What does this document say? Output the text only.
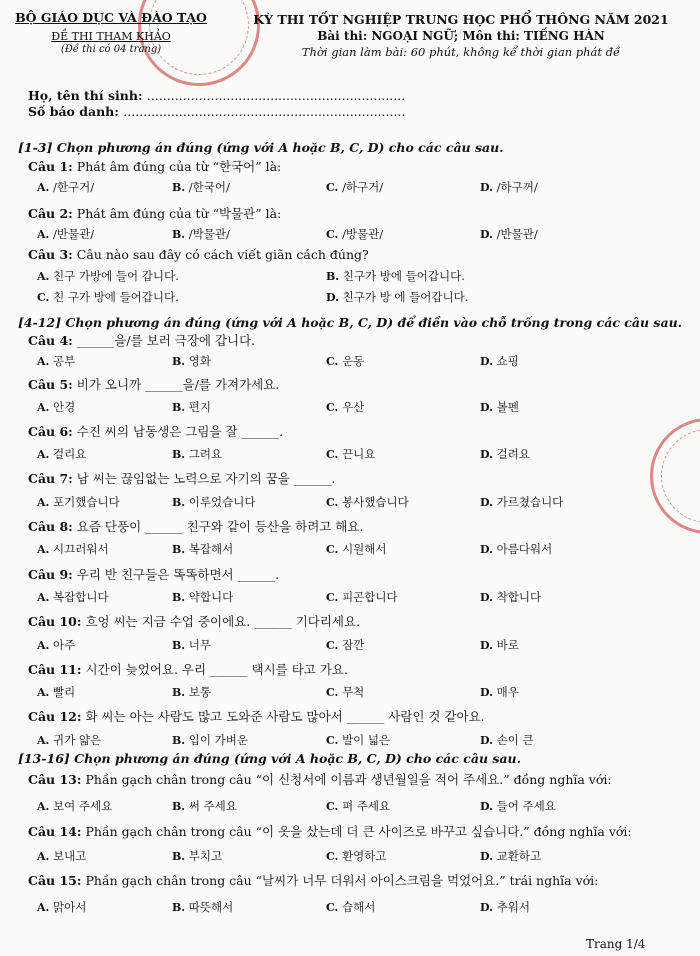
BỘ GIÁO DỤC VÀ ĐÀO TẠO
ĐỀ THI THAM KHẢO
(Đề thi có 04 trang)
KỲ THI TỐT NGHIỆP TRUNG HỌC PHỔ THÔNG NĂM 2021
Bài thi: NGOẠI NGỮ; Môn thi: TIẾNG HÀN
Thời gian làm bài: 60 phút, không kể thời gian phát đề
Họ, tên thí sinh: .................................................................
Số báo danh: .......................................................................
[1-3] Chọn phương án đúng (ứng với A hoặc B, C, D) cho các câu sau.
[4-12] Chọn phương án đúng (ứng với A hoặc B, C, D) để điền vào chỗ trống trong các câu sau.
[13-16] Chọn phương án đúng (ứng với A hoặc B, C, D) cho các câu sau.
Câu 1: Phát âm đúng của từ “한국어” là:
A. /한구거/	B. /한국어/	C. /하구거/	D. /하구꺼/
Câu 2: Phát âm đúng của từ “박물관” là:
A. /반물관/	B. /박물관/	C. /방물관/	D. /반물관/
Câu 3: Câu nào sau đây có cách viết giãn cách đúng?
A. 친구 가방에 들어 갑니다.	B. 친구가 방에 들어갑니다.
C. 친 구가 방에 들어갑니다.	D. 친구가 방 에 들어갑니다.
Câu 4: ______을/를 보러 극장에 갑니다.
A. 공부	B. 영화	C. 운동	D. 쇼핑
Câu 5: 비가 오니까 ______을/를 가져가세요.
A. 안경	B. 편지	C. 우산	D. 볼펜
Câu 6: 수진 씨의 남동생은 그림을 잘 ______.
A. 걸리요	B. 그려요	C. 끈니요	D. 걸려요
Câu 7: 남 씨는 끊임없는 노력으로 자기의 꿈을 ______.
A. 포기했습니다	B. 이루었습니다	C. 봉사했습니다	D. 가르쳤습니다
Câu 8: 요즘 단풍이 ______ 친구와 같이 등산을 하려고 해요.
A. 시끄러워서	B. 복잡해서	C. 시원해서	D. 아름다워서
Câu 9: 우리 반 친구들은 똑똑하면서 ______.
A. 복잡합니다	B. 약합니다	C. 피곤합니다	D. 착합니다
Câu 10: 흐엉 씨는 지금 수업 중이에요. ______ 기다리세요.
A. 아주	B. 너무	C. 잠깐	D. 바로
Câu 11: 시간이 늦었어요. 우리 ______ 택시를 타고 가요.
A. 빨리	B. 보통	C. 무척	D. 매우
Câu 12: 화 씨는 아는 사람도 많고 도와준 사람도 많아서 ______ 사람인 것 같아요.
A. 귀가 얇은	B. 입이 가벼운	C. 발이 넓은	D. 손이 큰
Câu 13: Phần gạch chân trong câu “이 신청서에 이름과 생년월일을 적어 주세요.” đồng nghĩa với:
A. 보여 주세요	B. 써 주세요	C. 펴 주세요	D. 들어 주세요
Câu 14: Phần gạch chân trong câu “이 옷을 샀는데 더 큰 사이즈로 바꾸고 싶습니다.” đồng nghĩa với:
A. 보내고	B. 부치고	C. 환영하고	D. 교환하고
Câu 15: Phần gạch chân trong câu “날씨가 너무 더워서 아이스크림을 먹었어요.” trái nghĩa với:
A. 맑아서	B. 따뜻해서	C. 습해서	D. 추워서
Trang 1/4
